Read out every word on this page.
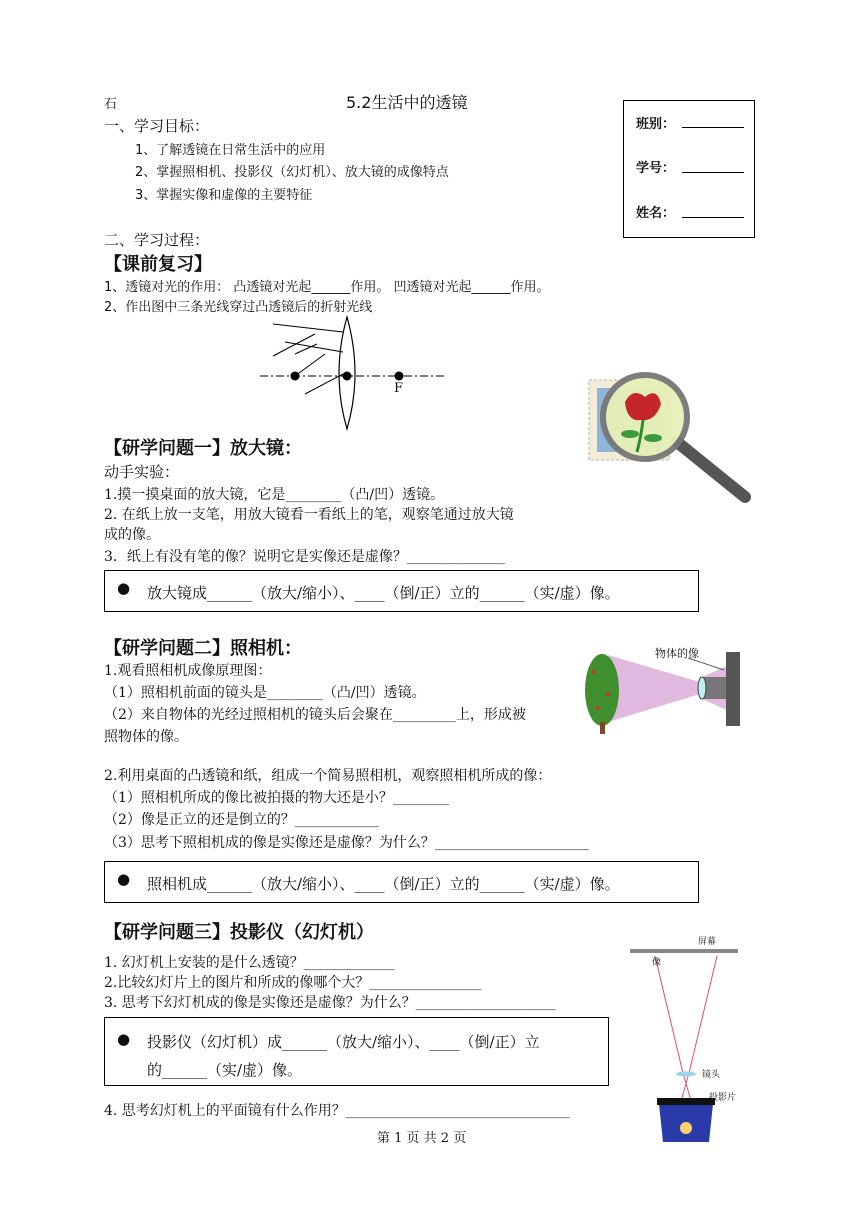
石	5.2生活中的透镜
班别：
学号：
姓名：
一、学习目标：
1、了解透镜在日常生活中的应用
2、掌握照相机、投影仪（幻灯机）、放大镜的成像特点
3、掌握实像和虚像的主要特征
二、学习过程：
【课前复习】
1、透镜对光的作用： 凸透镜对光起______作用。 凹透镜对光起______作用。
2、作出图中三条光线穿过凸透镜后的折射光线
F
【研学问题一】放大镜：
动手实验：
1.摸一摸桌面的放大镜，它是________（凸/凹）透镜。
2. 在纸上放一支笔，用放大镜看一看纸上的笔，观察笔通过放大镜
成的像。
3．纸上有没有笔的像？说明它是实像还是虚像？______________
● 放大镜成______（放大/缩小）、____（倒/正）立的______（实/虚）像。
【研学问题二】照相机：
1.观看照相机成像原理图：
（1）照相机前面的镜头是________（凸/凹）透镜。
（2）来自物体的光经过照相机的镜头后会聚在_________上，形成被
照物体的像。
2.利用桌面的凸透镜和纸，组成一个简易照相机，观察照相机所成的像：
（1）照相机所成的像比被拍摄的物大还是小？________
（2）像是正立的还是倒立的？____________
（3）思考下照相机成的像是实像还是虚像？为什么？______________________
物体的像
● 照相机成______（放大/缩小）、____（倒/正）立的______（实/虚）像。
【研学问题三】投影仪（幻灯机）
1. 幻灯机上安装的是什么透镜？_____________
2.比较幻灯片上的图片和所成的像哪个大？________________
3. 思考下幻灯机成的像是实像还是虚像？为什么？____________________
● 投影仪（幻灯机）成______（放大/缩小）、____（倒/正）立
的______（实/虚）像。
4. 思考幻灯机上的平面镜有什么作用？________________________________
屏幕
像
镜头
投影片
第 1 页 共 2 页
